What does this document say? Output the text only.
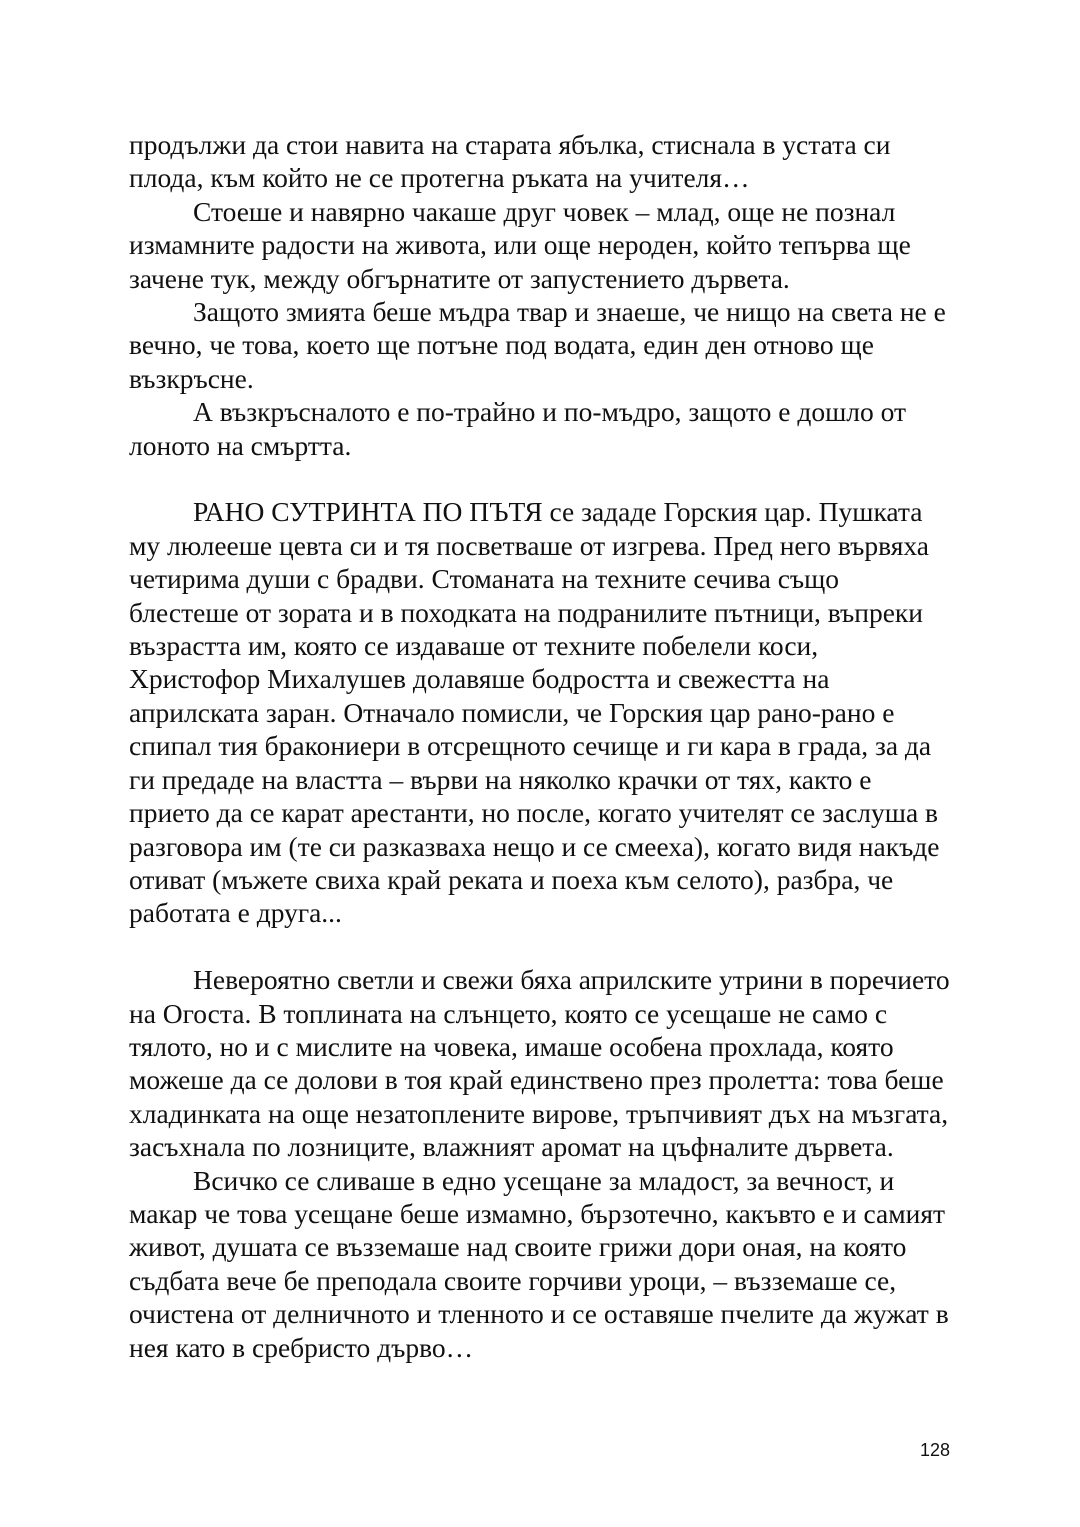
продължи да стои навита на старата ябълка, стиснала в устата си плода, към който не се протегна ръката на учителя…

Стоеше и навярно чакаше друг човек – млад, още не познал измамните радости на живота, или още нероден, който тепърва ще зачене тук, между обгърнатите от запустението дървета.

Защото змията беше мъдра твар и знаеше, че нищо на света не е вечно, че това, което ще потъне под водата, един ден отново ще възкръсне.

А възкръсналото е по-трайно и по-мъдро, защото е дошло от лоното на смъртта.

РАНО СУТРИНТА ПО ПЪТЯ се зададе Горския цар. Пушката му люлееше цевта си и тя посветваше от изгрева. Пред него вървяха четирима души с брадви. Стоманата на техните сечива също блестеше от зората и в походката на подранилите пътници, въпреки възрастта им, която се издаваше от техните побелели коси, Христофор Михалушев долавяше бодростта и свежестта на априлската заран. Отначало помисли, че Горския цар рано-рано е спипал тия бракониери в отсрещното сечище и ги кара в града, за да ги предаде на властта – върви на няколко крачки от тях, както е прието да се карат арестанти, но после, когато учителят се заслуша в разговора им (те си разказваха нещо и се смееха), когато видя накъде отиват (мъжете свиха край реката и поеха към селото), разбра, че работата е друга...

Невероятно светли и свежи бяха априлските утрини в поречието на Огоста. В топлината на слънцето, която се усещаше не само с тялото, но и с мислите на човека, имаше особена прохлада, която можеше да се долови в тоя край единствено през пролетта: това беше хладинката на още незатоплените вирове, тръпчивият дъх на мъзгата, засъхнала по лозниците, влажният аромат на цъфналите дървета.

Всичко се сливаше в едно усещане за младост, за вечност, и макар че това усещане беше измамно, бързотечно, какъвто е и самият живот, душата се възземаше над своите грижи дори оная, на която съдбата вече бе преподала своите горчиви уроци, – възземаше се, очистена от делничното и тленното и се оставяше пчелите да жужат в нея като в сребристо дърво…

128
